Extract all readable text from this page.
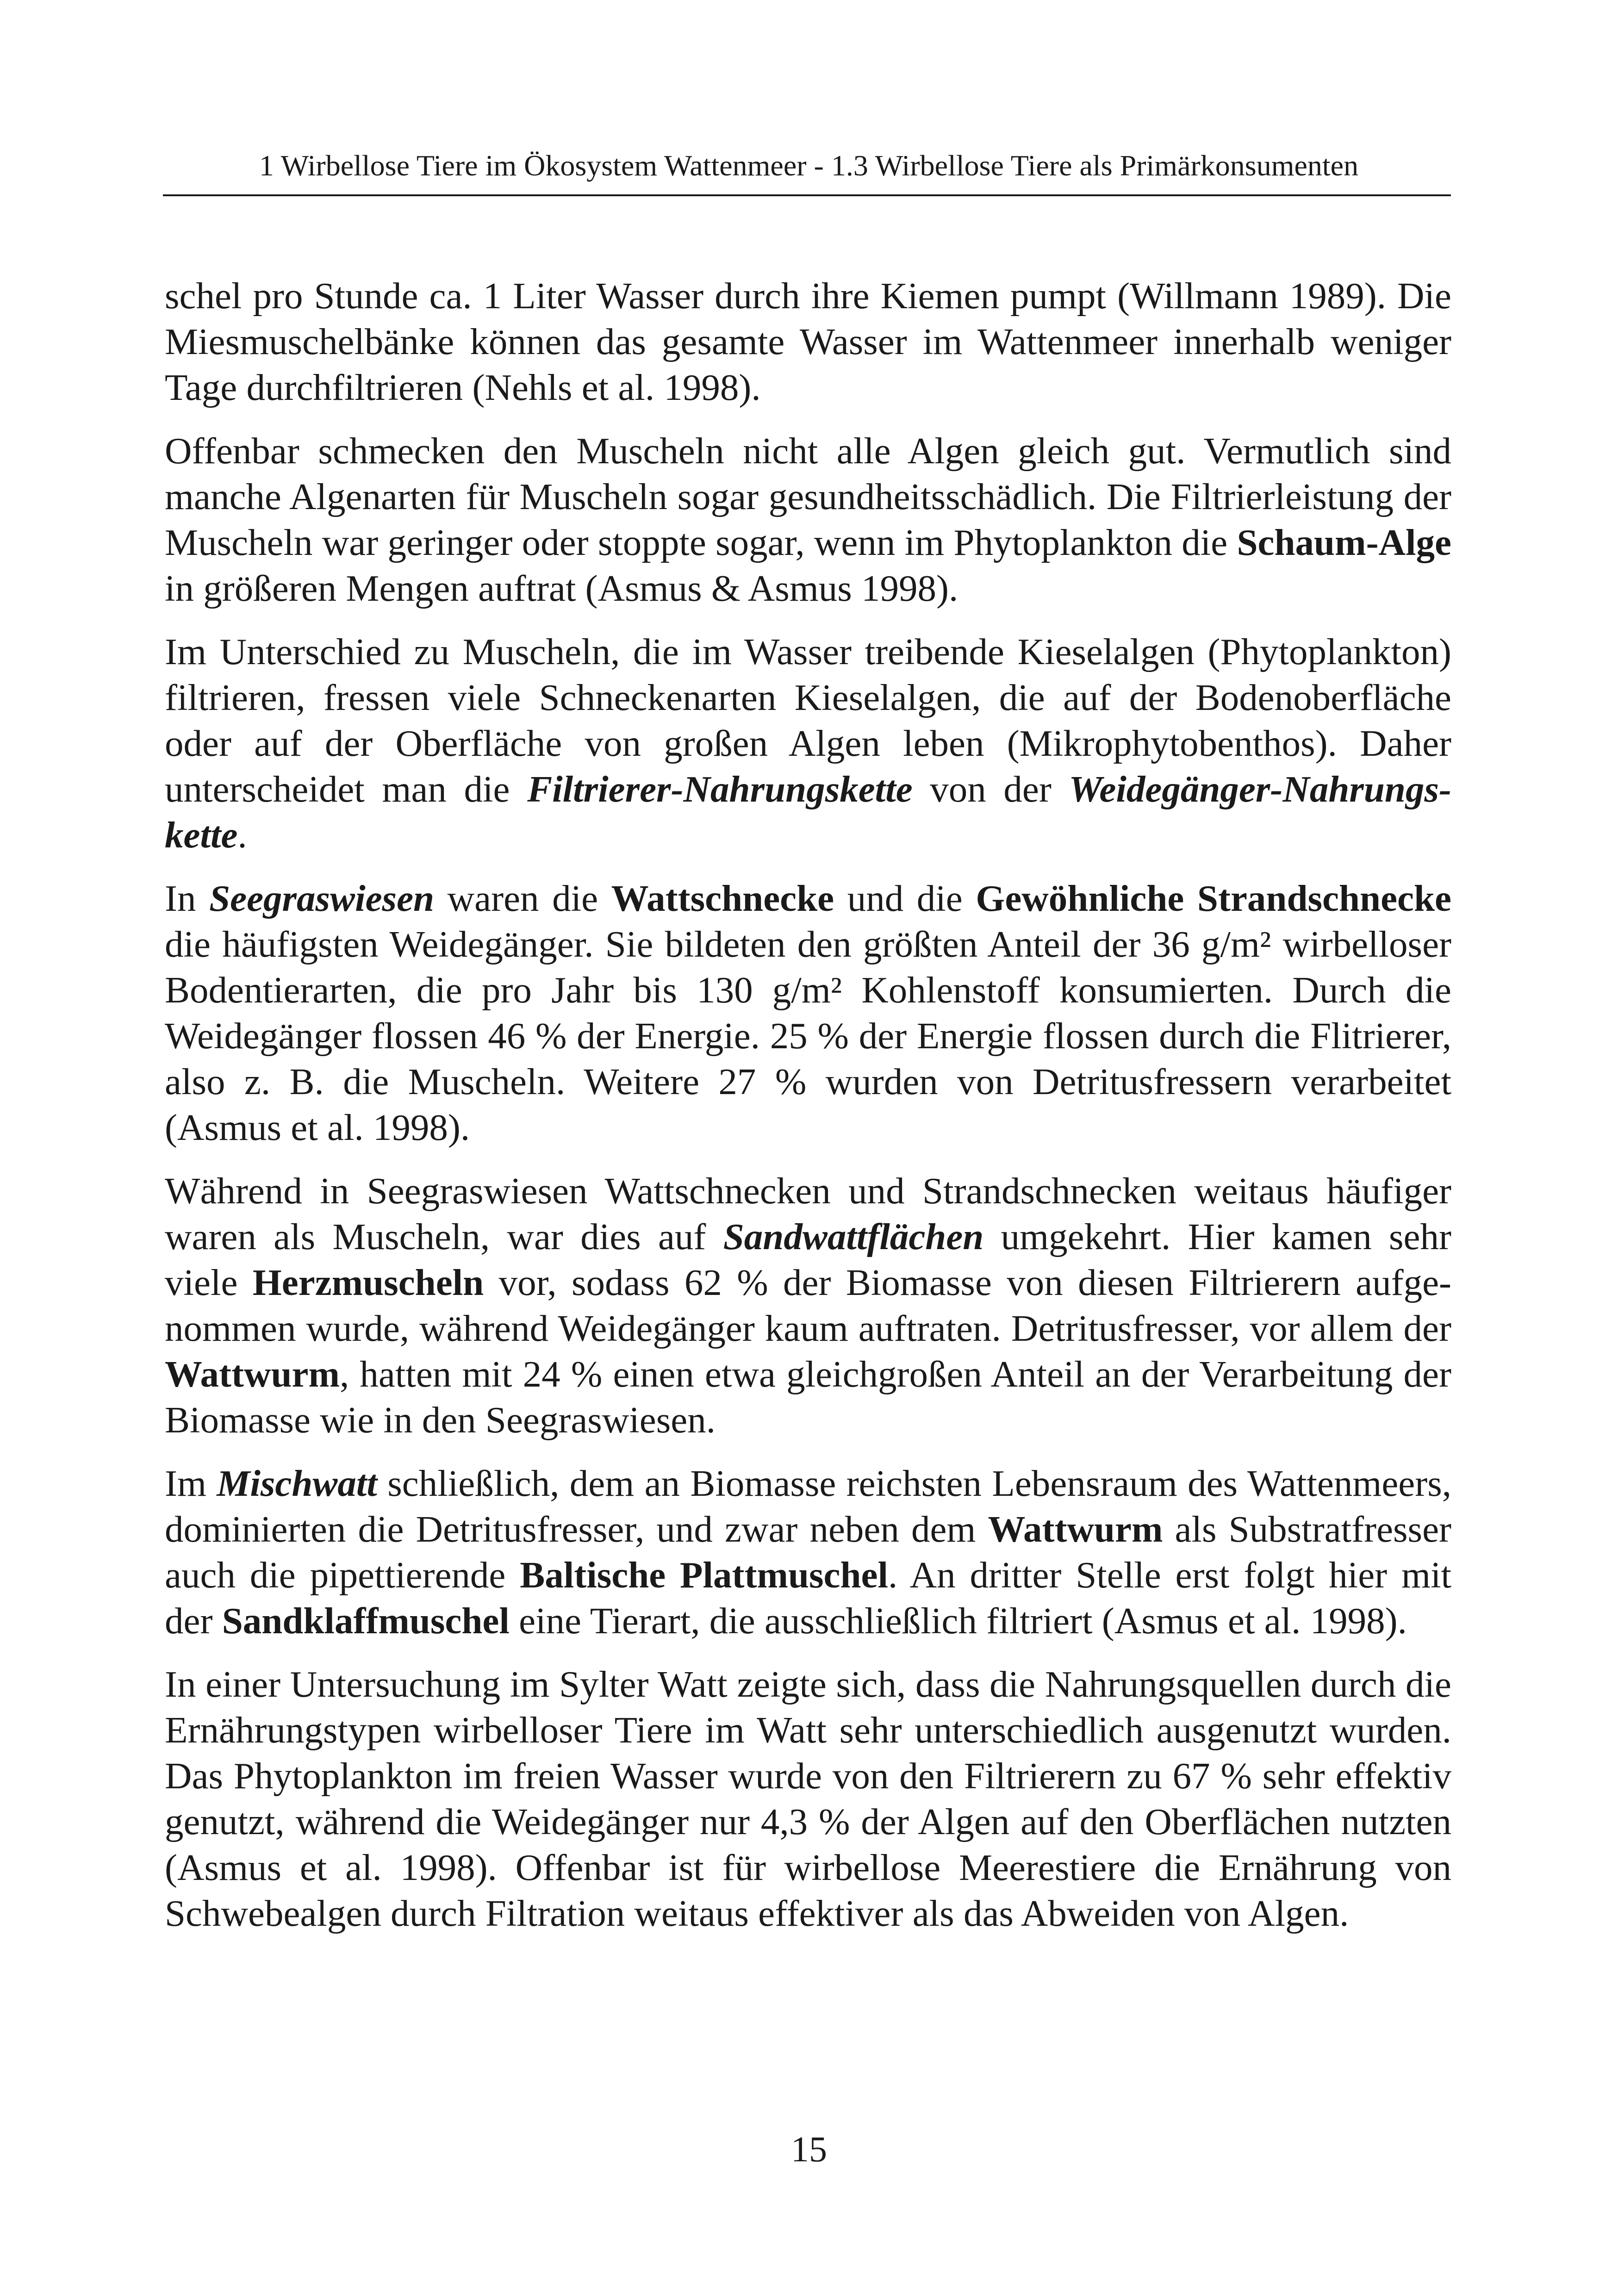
1 Wirbellose Tiere im Ökosystem Wattenmeer - 1.3 Wirbellose Tiere als Primärkonsumenten

schel pro Stunde ca. 1 Liter Wasser durch ihre Kiemen pumpt (Willmann 1989). Die Miesmuschelbänke können das gesamte Wasser im Wattenmeer innerhalb weniger Tage durchfiltrieren (Nehls et al. 1998).

Offenbar schmecken den Muscheln nicht alle Algen gleich gut. Vermutlich sind manche Algenarten für Muscheln sogar gesundheitsschädlich. Die Filtrierleistung der Muscheln war geringer oder stoppte sogar, wenn im Phytoplankton die Schaum-Alge in größeren Mengen auftrat (Asmus & Asmus 1998).

Im Unterschied zu Muscheln, die im Wasser treibende Kieselalgen (Phytoplankton) filtrieren, fressen viele Schneckenarten Kieselalgen, die auf der Bodenoberfläche oder auf der Oberfläche von großen Algen leben (Mikrophytobenthos). Daher unterscheidet man die Filtrierer-Nahrungskette von der Weidegänger-Nahrungskette.

In Seegraswiesen waren die Wattschnecke und die Gewöhnliche Strandschnecke die häufigsten Weidegänger. Sie bildeten den größten Anteil der 36 g/m² wirbelloser Bodentierarten, die pro Jahr bis 130 g/m² Kohlenstoff konsumierten. Durch die Weidegänger flossen 46 % der Energie. 25 % der Energie flossen durch die Flitrierer, also z. B. die Muscheln. Weitere 27 % wurden von Detritusfressern verarbeitet (Asmus et al. 1998).

Während in Seegraswiesen Wattschnecken und Strandschnecken weitaus häufiger waren als Muscheln, war dies auf Sandwattflächen umgekehrt. Hier kamen sehr viele Herzmuscheln vor, sodass 62 % der Biomasse von diesen Filtrierern aufgenommen wurde, während Weidegänger kaum auftraten. Detritusfresser, vor allem der Wattwurm, hatten mit 24 % einen etwa gleichgroßen Anteil an der Verarbeitung der Biomasse wie in den Seegraswiesen.

Im Mischwatt schließlich, dem an Biomasse reichsten Lebensraum des Wattenmeers, dominierten die Detritusfresser, und zwar neben dem Wattwurm als Substratfresser auch die pipettierende Baltische Plattmuschel. An dritter Stelle erst folgt hier mit der Sandklaffmuschel eine Tierart, die ausschließlich filtriert (Asmus et al. 1998).

In einer Untersuchung im Sylter Watt zeigte sich, dass die Nahrungsquellen durch die Ernährungstypen wirbelloser Tiere im Watt sehr unterschiedlich ausgenutzt wurden. Das Phytoplankton im freien Wasser wurde von den Filtrierern zu 67 % sehr effektiv genutzt, während die Weidegänger nur 4,3 % der Algen auf den Oberflächen nutzten (Asmus et al. 1998). Offenbar ist für wirbellose Meerestiere die Ernährung von Schwebealgen durch Filtration weitaus effektiver als das Abweiden von Algen.

15
